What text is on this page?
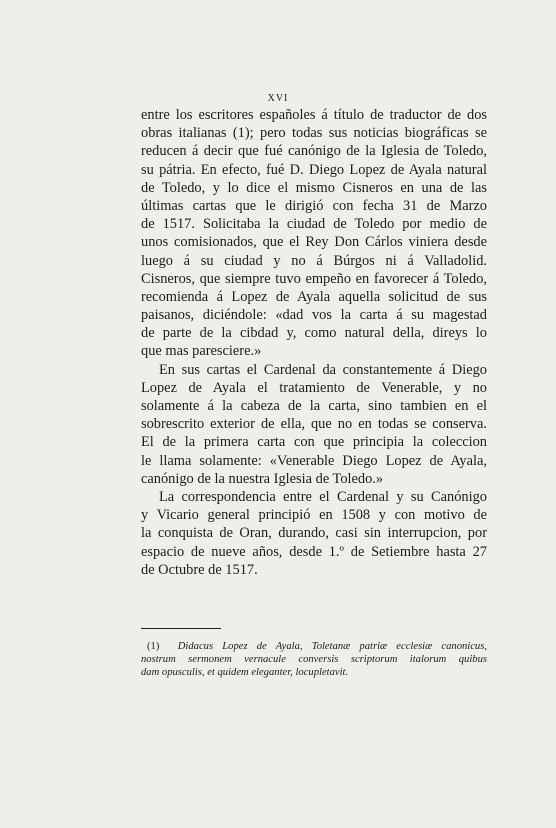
XVI
entre los escritores españoles á título de traductor de dos
obras italianas (1); pero todas sus noticias biográficas se
reducen á decir que fué canónigo de la Iglesia de Toledo,
su pátria. En efecto, fué D. Diego Lopez de Ayala natural
de Toledo, y lo dice el mismo Cisneros en una de las
últimas cartas que le dirigió con fecha 31 de Marzo
de 1517. Solicitaba la ciudad de Toledo por medio de
unos comisionados, que el Rey Don Cárlos viniera desde
luego á su ciudad y no á Búrgos ni á Valladolid.
Cisneros, que siempre tuvo empeño en favorecer á Toledo,
recomienda á Lopez de Ayala aquella solicitud de sus
paisanos, diciéndole: «dad vos la carta á su magestad
de parte de la cibdad y, como natural della, direys lo
que mas paresciere.»
En sus cartas el Cardenal da constantemente á Diego
Lopez de Ayala el tratamiento de Venerable, y no
solamente á la cabeza de la carta, sino tambien en el
sobrescrito exterior de ella, que no en todas se conserva.
El de la primera carta con que principia la coleccion
le llama solamente: «Venerable Diego Lopez de Ayala,
canónigo de la nuestra Iglesia de Toledo.»
La correspondencia entre el Cardenal y su Canónigo
y Vicario general principió en 1508 y con motivo de
la conquista de Oran, durando, casi sin interrupcion, por
espacio de nueve años, desde 1.º de Setiembre hasta 27
de Octubre de 1517.
(1) Didacus Lopez de Ayala, Toletanæ patriæ ecclesiæ canonicus,
nostrum sermonem vernacule conversis scriptorum italorum quibus
dam opusculis, et quidem eleganter, locupletavit.
